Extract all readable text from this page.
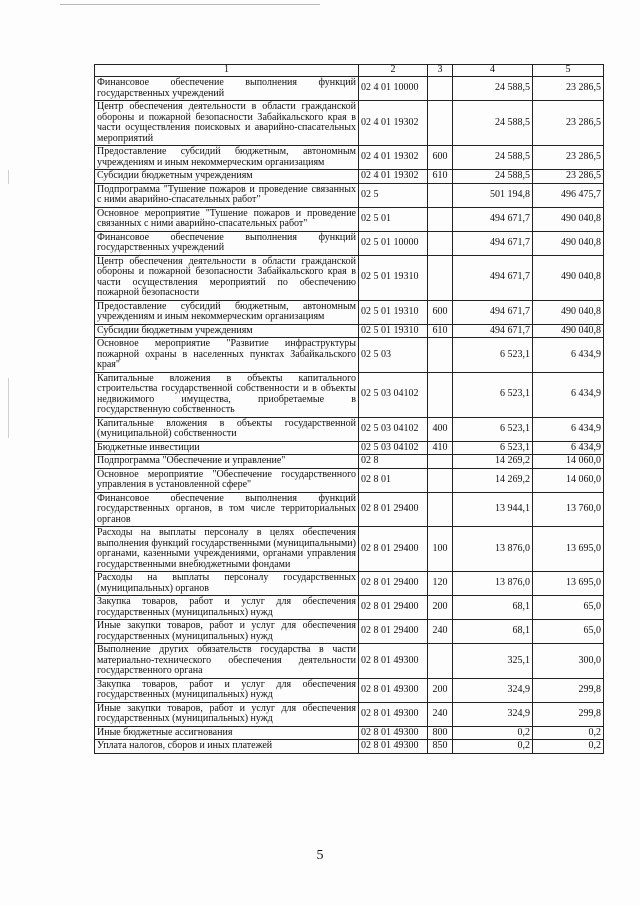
1	2	3	4	5
Финансовое обеспечение выполнения функций государственных учреждений	02 4 01 10000		24 588,5	23 286,5
Центр обеспечения деятельности в области гражданской обороны и пожарной безопасности Забайкальского края в части осуществления поисковых и аварийно-спасательных мероприятий	02 4 01 19302		24 588,5	23 286,5
Предоставление субсидий бюджетным, автономным учреждениям и иным некоммерческим организациям	02 4 01 19302	600	24 588,5	23 286,5
Субсидии бюджетным учреждениям	02 4 01 19302	610	24 588,5	23 286,5
Подпрограмма "Тушение пожаров и проведение связанных с ними аварийно-спасательных работ"	02 5		501 194,8	496 475,7
Основное мероприятие "Тушение пожаров и проведение связанных с ними аварийно-спасательных работ"	02 5 01		494 671,7	490 040,8
Финансовое обеспечение выполнения функций государственных учреждений	02 5 01 10000		494 671,7	490 040,8
Центр обеспечения деятельности в области гражданской обороны и пожарной безопасности Забайкальского края в части осуществления мероприятий по обеспечению пожарной безопасности	02 5 01 19310		494 671,7	490 040,8
Предоставление субсидий бюджетным, автономным учреждениям и иным некоммерческим организациям	02 5 01 19310	600	494 671,7	490 040,8
Субсидии бюджетным учреждениям	02 5 01 19310	610	494 671,7	490 040,8
Основное мероприятие "Развитие инфраструктуры пожарной охраны в населенных пунктах Забайкальского края"	02 5 03		6 523,1	6 434,9
Капитальные вложения в объекты капитального строительства государственной собственности и в объекты недвижимого имущества, приобретаемые в государственную собственность	02 5 03 04102		6 523,1	6 434,9
Капитальные вложения в объекты государственной (муниципальной) собственности	02 5 03 04102	400	6 523,1	6 434,9
Бюджетные инвестиции	02 5 03 04102	410	6 523,1	6 434,9
Подпрограмма "Обеспечение и управление"	02 8		14 269,2	14 060,0
Основное мероприятие "Обеспечение государственного управления в установленной сфере"	02 8 01		14 269,2	14 060,0
Финансовое обеспечение выполнения функций государственных органов, в том числе территориальных органов	02 8 01 29400		13 944,1	13 760,0
Расходы на выплаты персоналу в целях обеспечения выполнения функций государственными (муниципальными) органами, казенными учреждениями, органами управления государственными внебюджетными фондами	02 8 01 29400	100	13 876,0	13 695,0
Расходы на выплаты персоналу государственных (муниципальных) органов	02 8 01 29400	120	13 876,0	13 695,0
Закупка товаров, работ и услуг для обеспечения государственных (муниципальных) нужд	02 8 01 29400	200	68,1	65,0
Иные закупки товаров, работ и услуг для обеспечения государственных (муниципальных) нужд	02 8 01 29400	240	68,1	65,0
Выполнение других обязательств государства в части материально-технического обеспечения деятельности государственного органа	02 8 01 49300		325,1	300,0
Закупка товаров, работ и услуг для обеспечения государственных (муниципальных) нужд	02 8 01 49300	200	324,9	299,8
Иные закупки товаров, работ и услуг для обеспечения государственных (муниципальных) нужд	02 8 01 49300	240	324,9	299,8
Иные бюджетные ассигнования	02 8 01 49300	800	0,2	0,2
Уплата налогов, сборов и иных платежей	02 8 01 49300	850	0,2	0,2
5
